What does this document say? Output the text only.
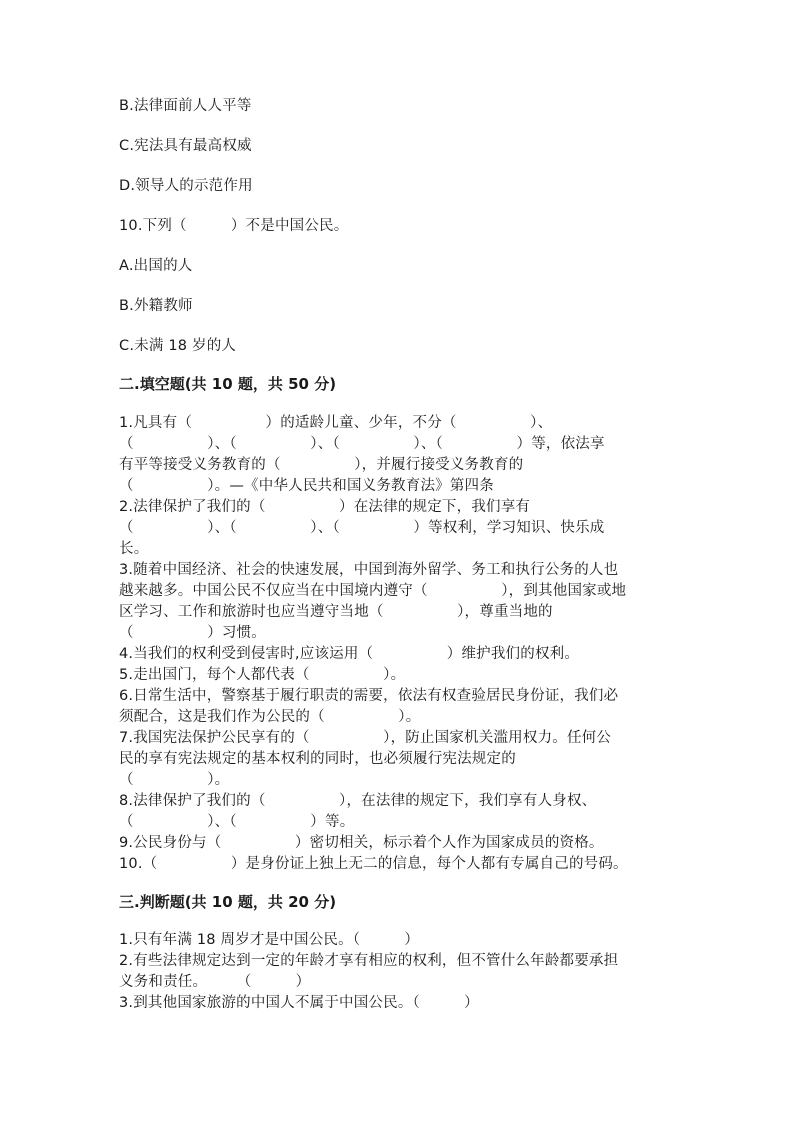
B.法律面前人人平等
C.宪法具有最高权威
D.领导人的示范作用
10.下列（　　　）不是中国公民。
A.出国的人
B.外籍教师
C.未满 18 岁的人
二.填空题(共 10 题，共 50 分)
1.凡具有（　　　　　）的适龄儿童、少年，不分（　　　　　）、
（　　　　　）、（　　　　　）、（　　　　　）、（　　　　　）等，依法享
有平等接受义务教育的（　　　　　），并履行接受义务教育的
（　　　　　）。—《中华人民共和国义务教育法》第四条
2.法律保护了我们的（　　　　　）在法律的规定下，我们享有
（　　　　　）、（　　　　　）、（　　　　　）等权利，学习知识、快乐成
长。
3.随着中国经济、社会的快速发展，中国到海外留学、务工和执行公务的人也
越来越多。中国公民不仅应当在中国境内遵守（　　　　　），到其他国家或地
区学习、工作和旅游时也应当遵守当地（　　　　　），尊重当地的
（　　　　　）习惯。
4.当我们的权利受到侵害时,应该运用（　　　　　）维护我们的权利。
5.走出国门，每个人都代表（　　　　　）。
6.日常生活中，警察基于履行职责的需要，依法有权查验居民身份证，我们必
须配合，这是我们作为公民的（　　　　　）。
7.我国宪法保护公民享有的（　　　　　），防止国家机关滥用权力。任何公
民的享有宪法规定的基本权利的同时，也必须履行宪法规定的
（　　　　　）。
8.法律保护了我们的（　　　　　），在法律的规定下，我们享有人身权、
（　　　　　）、（　　　　　）等。
9.公民身份与（　　　　　）密切相关，标示着个人作为国家成员的资格。
10.（　　　　　）是身份证上独上无二的信息，每个人都有专属自己的号码。
三.判断题(共 10 题，共 20 分)
1.只有年满 18 周岁才是中国公民。（　　　）
2.有些法律规定达到一定的年龄才享有相应的权利，但不管什么年龄都要承担
义务和责任。　　　（　　　）
3.到其他国家旅游的中国人不属于中国公民。（　　　）
